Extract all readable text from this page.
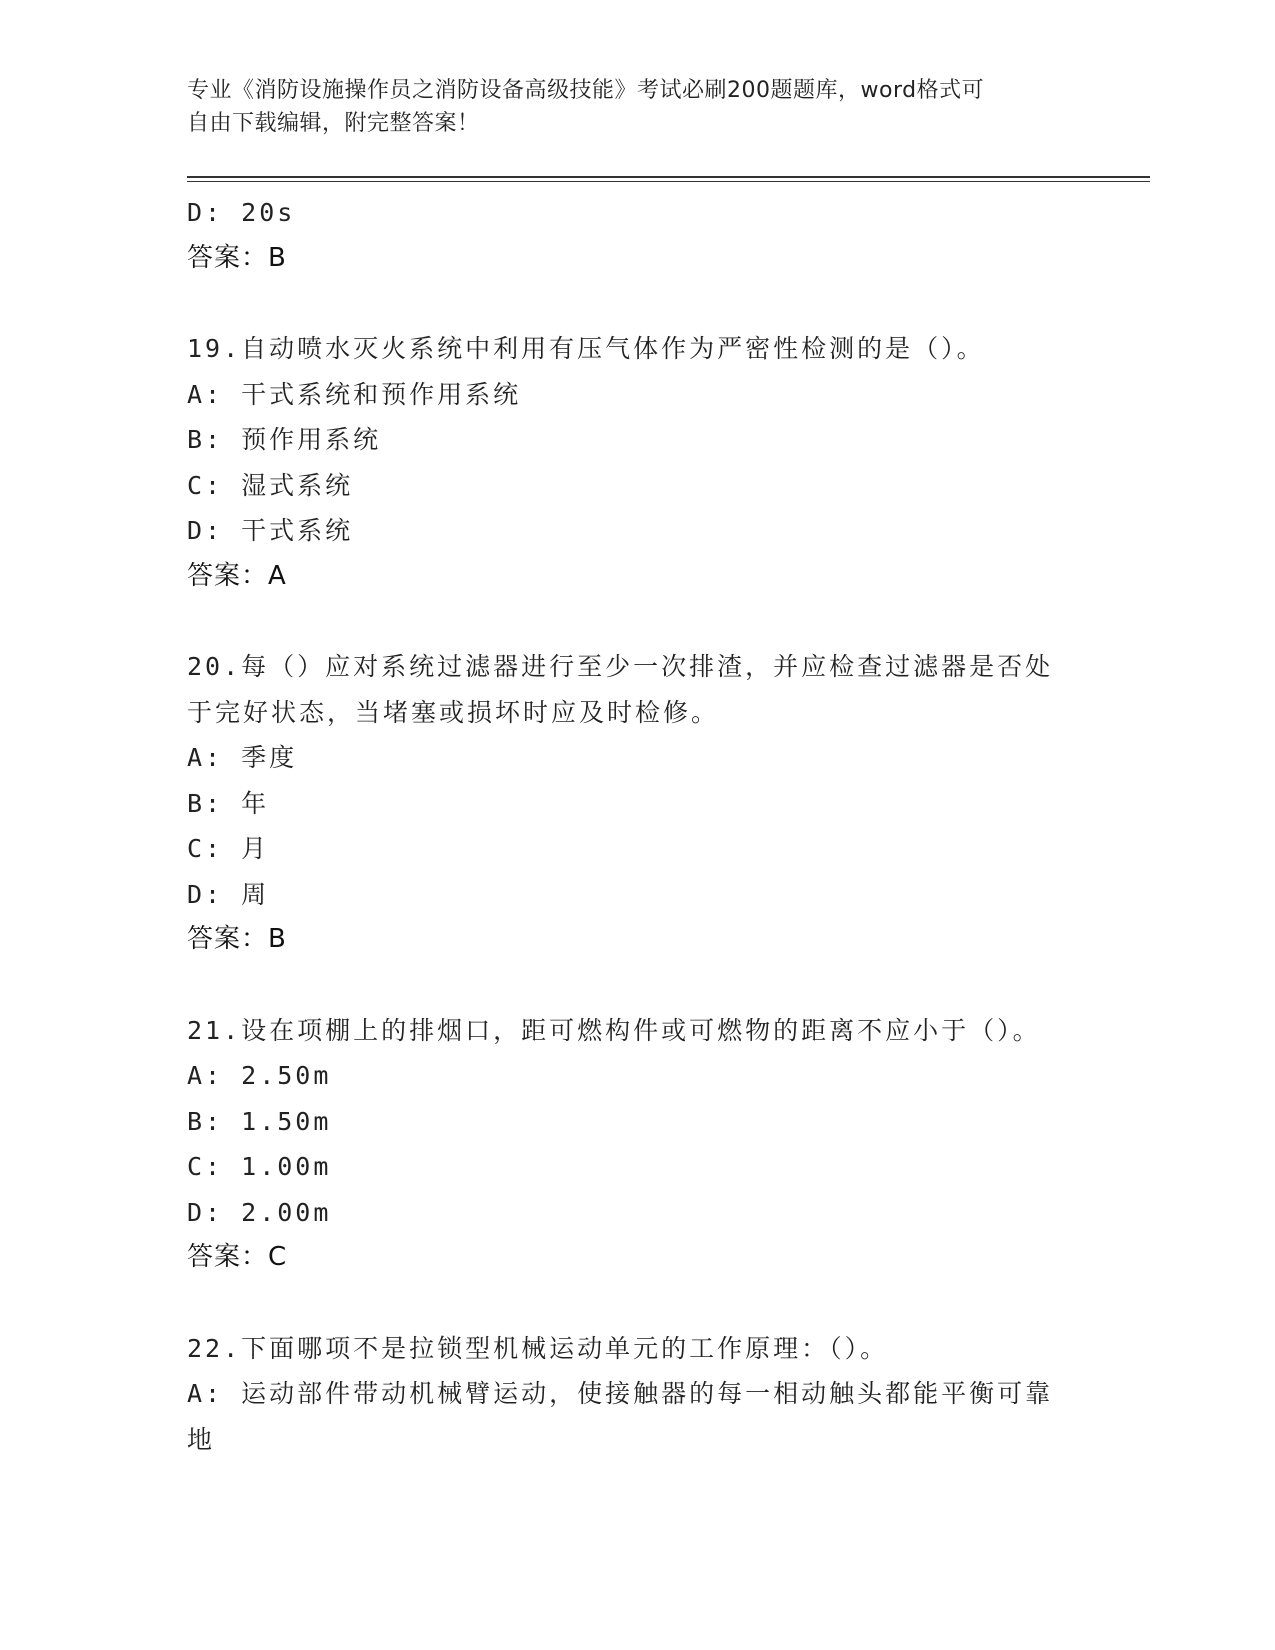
专业《消防设施操作员之消防设备高级技能》考试必刷200题题库，word格式可
自由下载编辑，附完整答案！
D: 20s
答案：B
19.自动喷水灭火系统中利用有压气体作为严密性检测的是（）。
A: 干式系统和预作用系统
B: 预作用系统
C: 湿式系统
D: 干式系统
答案：A
20.每（）应对系统过滤器进行至少一次排渣，并应检查过滤器是否处
于完好状态，当堵塞或损坏时应及时检修。
A: 季度
B: 年
C: 月
D: 周
答案：B
21.设在项棚上的排烟口，距可燃构件或可燃物的距离不应小于（）。
A: 2.50m
B: 1.50m
C: 1.00m
D: 2.00m
答案：C
22.下面哪项不是拉锁型机械运动单元的工作原理：（）。
A: 运动部件带动机械臂运动，使接触器的每一相动触头都能平衡可靠
地
